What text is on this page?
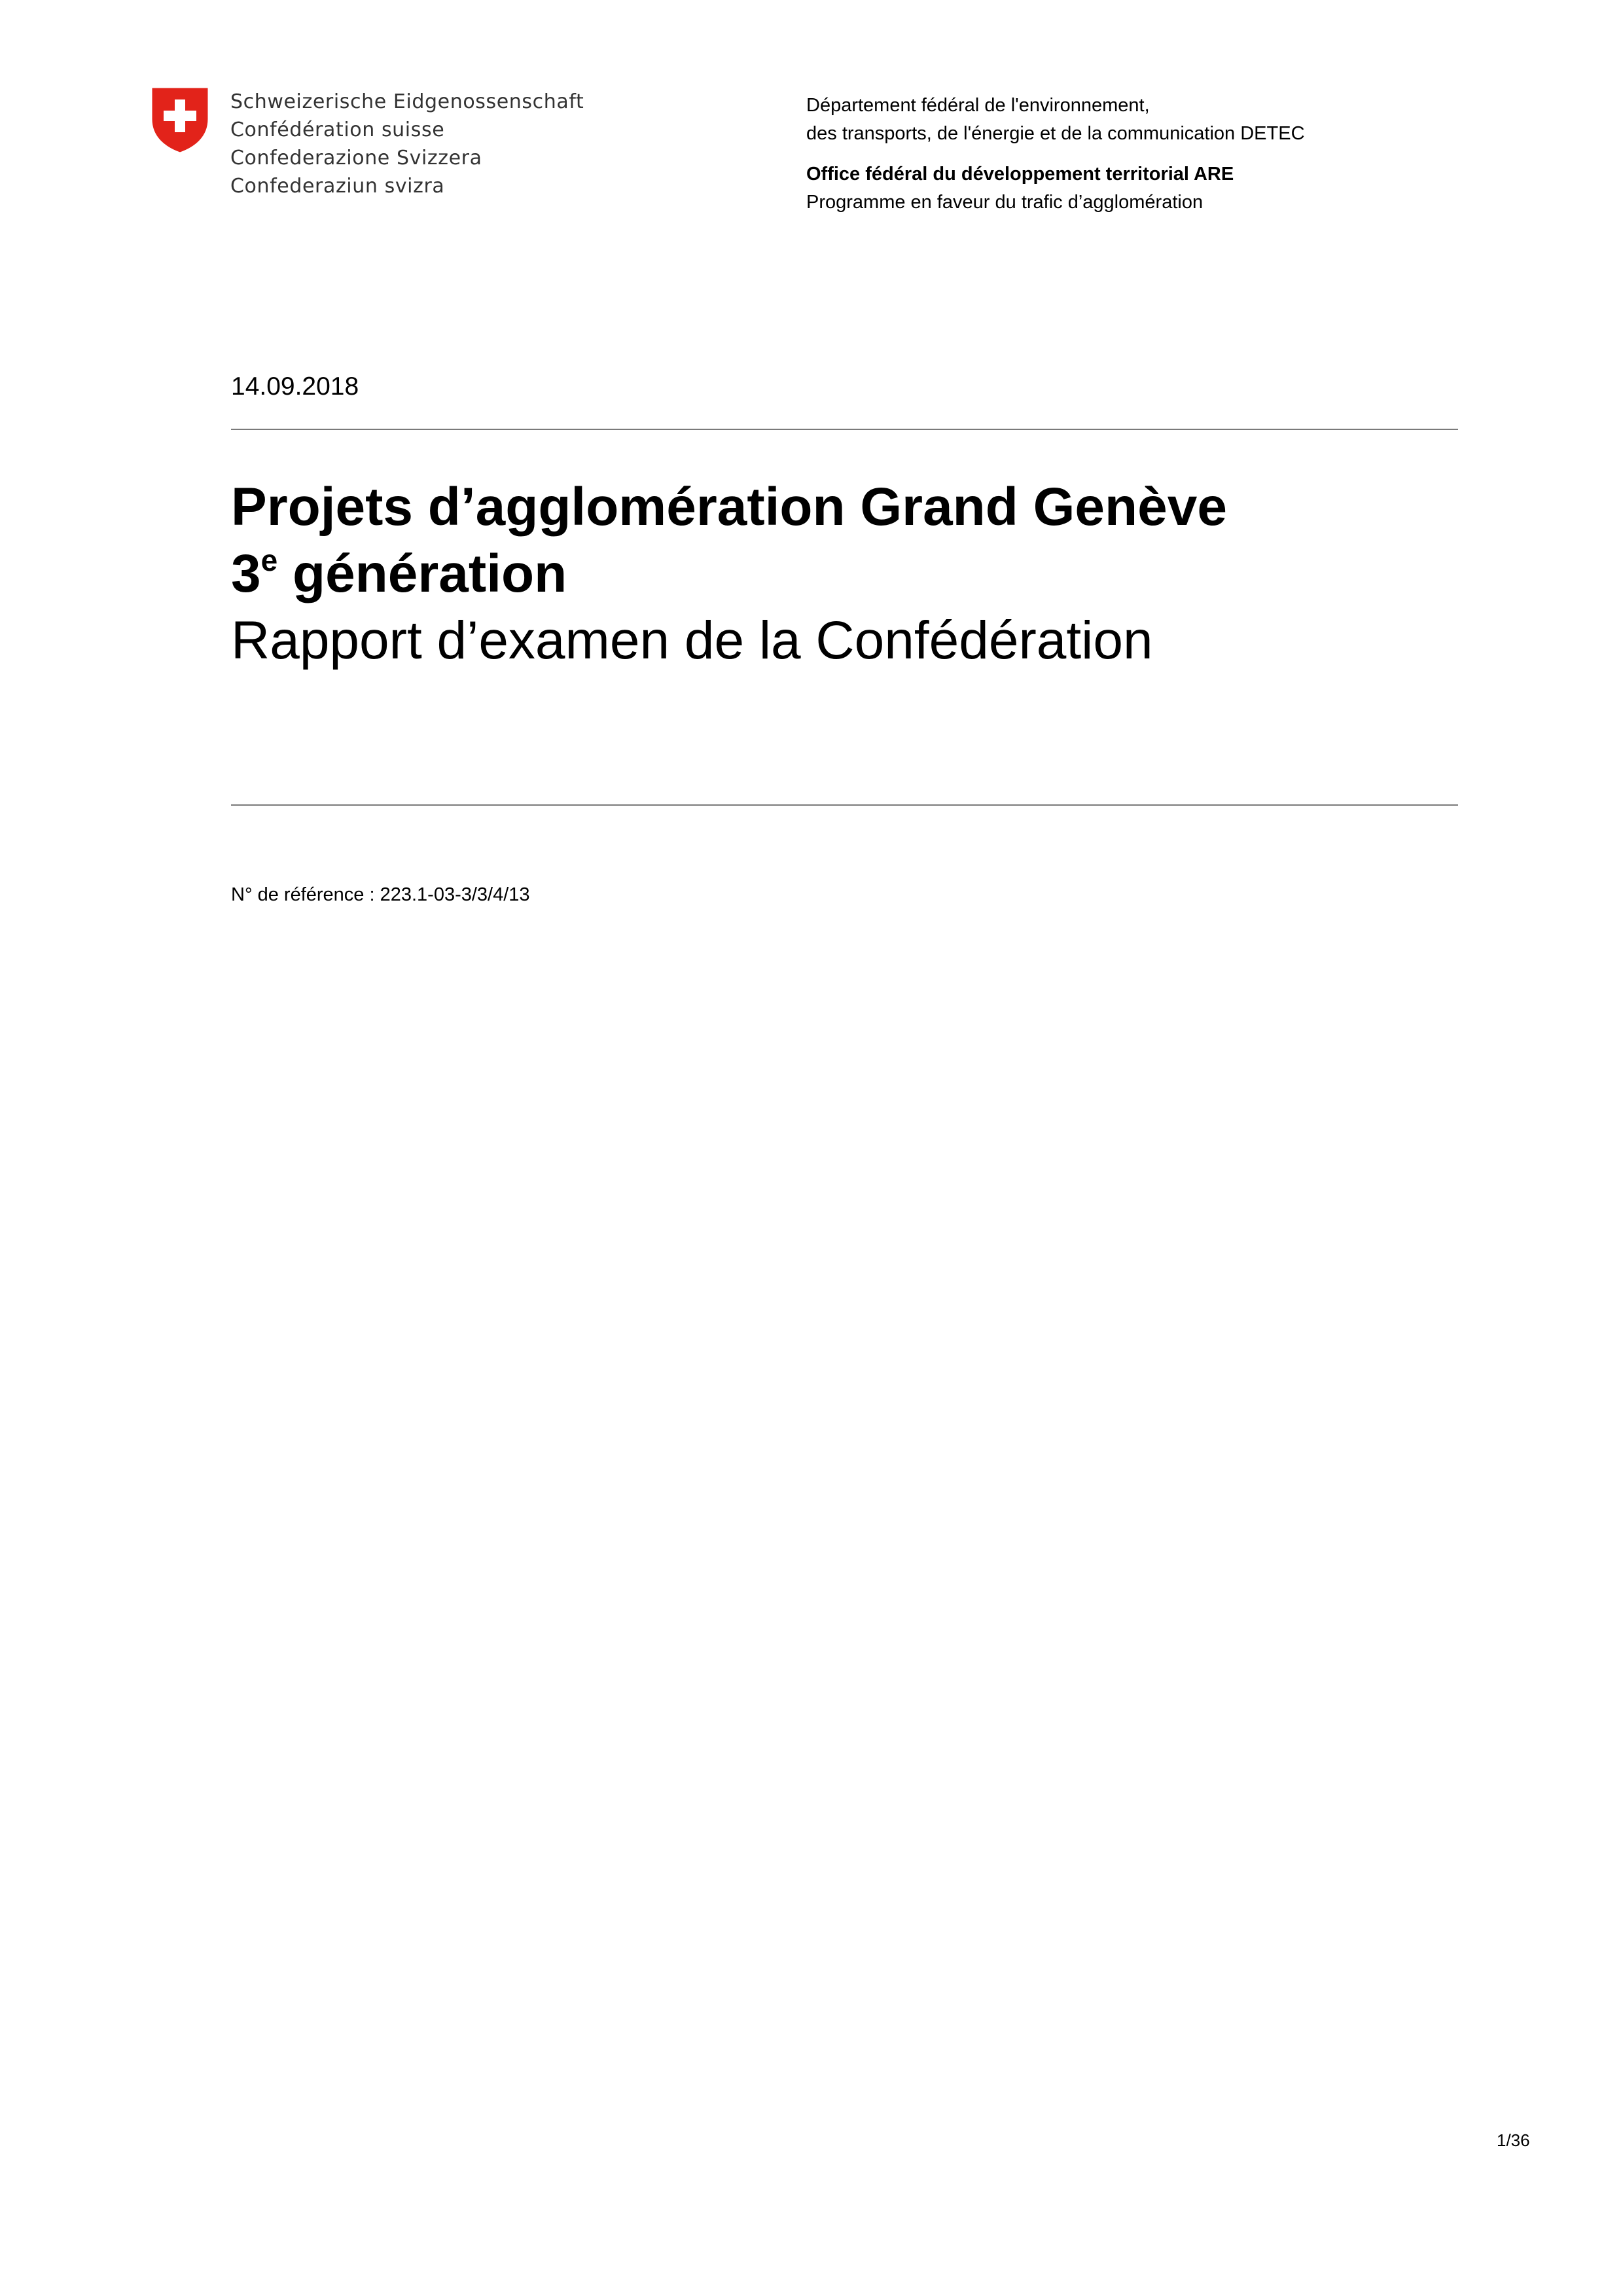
Schweizerische Eidgenossenschaft
Confédération suisse
Confederazione Svizzera
Confederaziun svizra
Département fédéral de l'environnement,
des transports, de l'énergie et de la communication DETEC
Office fédéral du développement territorial ARE
Programme en faveur du trafic d’agglomération
14.09.2018
Projets d’agglomération Grand Genève
3e génération
Rapport d’examen de la Confédération
N° de référence : 223.1-03-3/3/4/13
1/36
